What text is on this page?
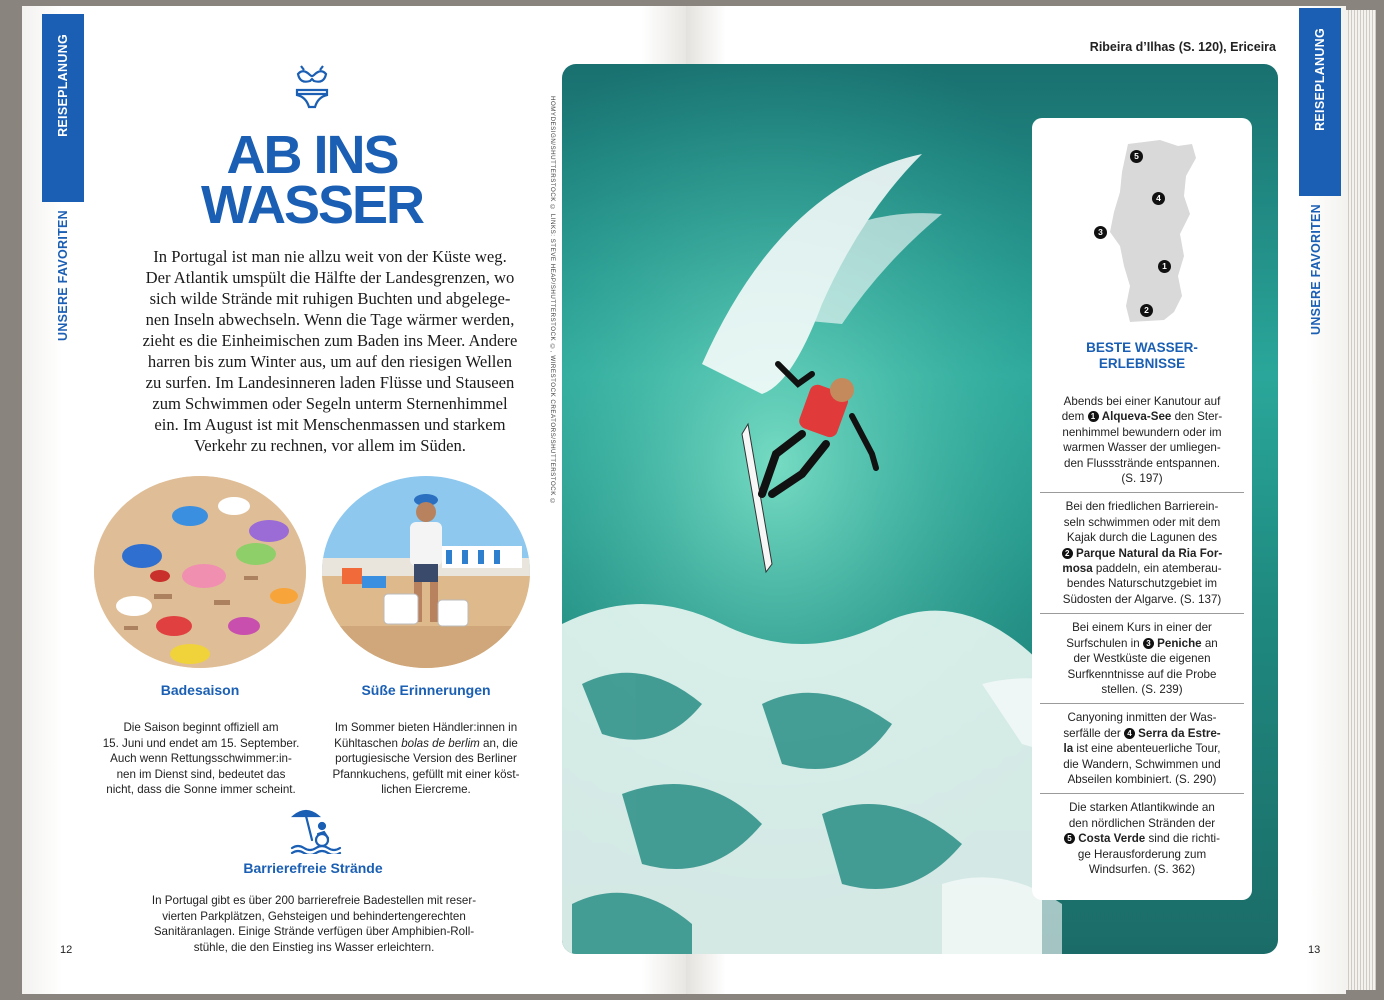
REISEPLANUNG
UNSERE FAVORITEN
AB INS
WASSER
In Portugal ist man nie allzu weit von der Küste weg.
Der Atlantik umspült die Hälfte der Landesgrenzen, wo
sich wilde Strände mit ruhigen Buchten und abgelege-
nen Inseln abwechseln. Wenn die Tage wärmer werden,
zieht es die Einheimischen zum Baden ins Meer. Andere
harren bis zum Winter aus, um auf den riesigen Wellen
zu surfen. Im Landesinneren laden Flüsse und Stauseen
zum Schwimmen oder Segeln unterm Sternenhimmel
ein. Im August ist mit Menschenmassen und starkem
Verkehr zu rechnen, vor allem im Süden.
Badesaison
Die Saison beginnt offiziell am
15. Juni und endet am 15. September.
Auch wenn Rettungsschwimmer:in-
nen im Dienst sind, bedeutet das
nicht, dass die Sonne immer scheint.
Süße Erinnerungen
Im Sommer bieten Händler:innen in
Kühltaschen bolas de berlim an, die
portugiesische Version des Berliner
Pfannkuchens, gefüllt mit einer köst-
lichen Eiercreme.
Barrierefreie Strände
In Portugal gibt es über 200 barrierefreie Badestellen mit reser-
vierten Parkplätzen, Gehsteigen und behindertengerechten
Sanitäranlagen. Einige Strände verfügen über Amphibien-Roll-
stühle, die den Einstieg ins Wasser erleichtern.
HOMYDESIGN/SHUTTERSTOCK © LINKS: STEVE HEAP/SHUTTERSTOCK ©, WIRESTOCK CREATORS/SHUTTERSTOCK ©
12
Ribeira d’Ilhas (S. 120), Ericeira	REISEPLANUNG
UNSERE FAVORITEN
5
4
3
1
2
BESTE WASSER-
ERLEBNISSE
Abends bei einer Kanutour auf
dem 1 Alqueva-See den Ster-
nenhimmel bewundern oder im
warmen Wasser der umliegen-
den Flussstrände entspannen.
(S. 197)
Bei den friedlichen Barrierein-
seln schwimmen oder mit dem
Kajak durch die Lagunen des
2 Parque Natural da Ria For-
mosa paddeln, ein atemberau-
bendes Naturschutzgebiet im
Südosten der Algarve. (S. 137)
Bei einem Kurs in einer der
Surfschulen in 3 Peniche an
der Westküste die eigenen
Surfkenntnisse auf die Probe
stellen. (S. 239)
Canyoning inmitten der Was-
serfälle der 4 Serra da Estre-
la ist eine abenteuerliche Tour,
die Wandern, Schwimmen und
Abseilen kombiniert. (S. 290)
Die starken Atlantikwinde an
den nördlichen Stränden der
5 Costa Verde sind die richti-
ge Herausforderung zum
Windsurfen. (S. 362)
13
